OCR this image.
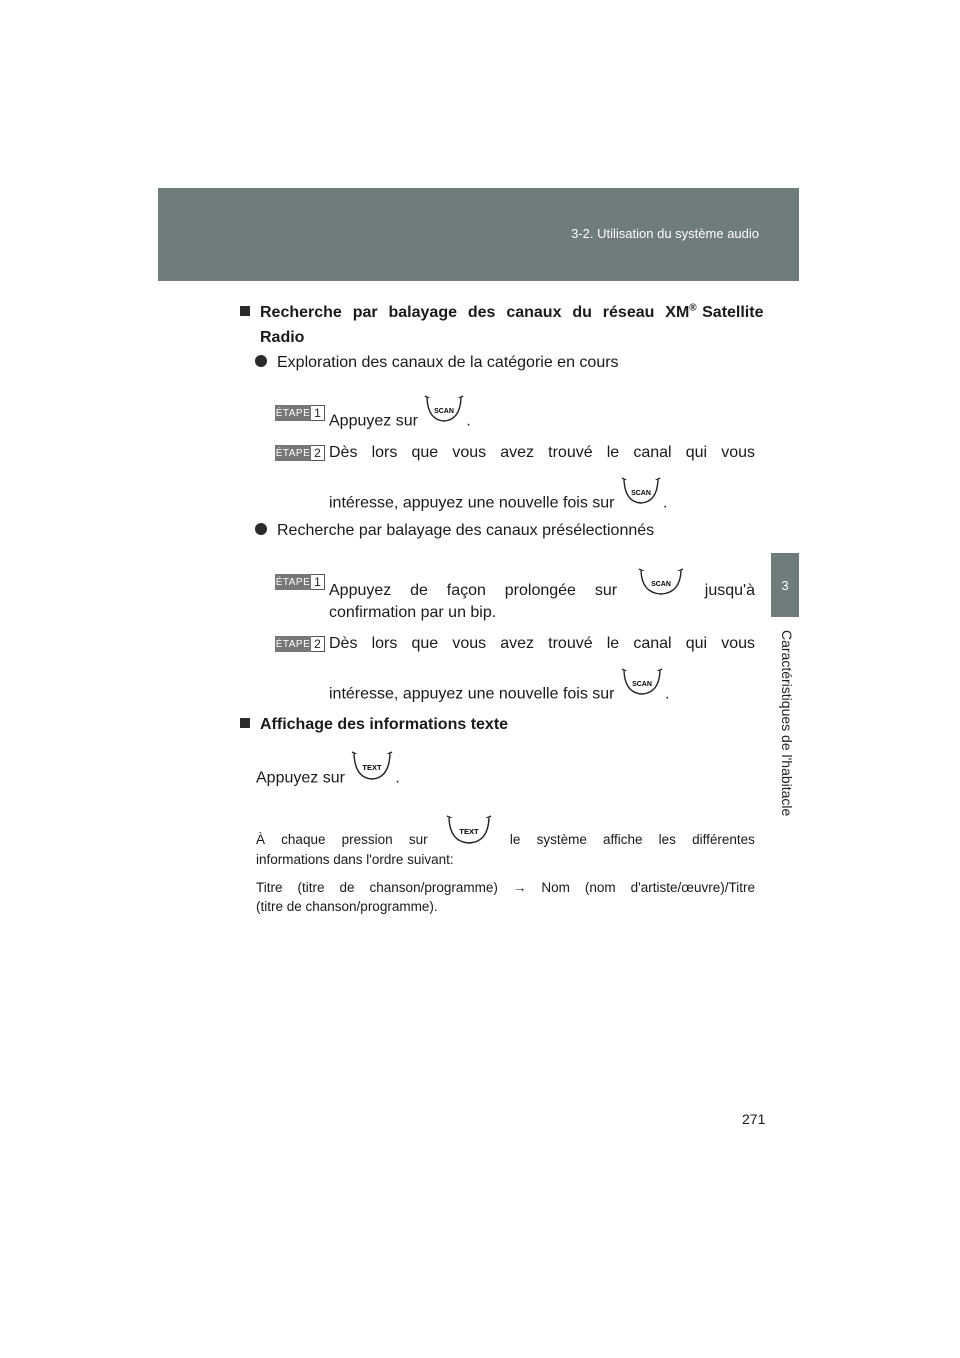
3-2. Utilisation du système audio
3
Caractéristiques de l'habitacle
Recherche  par  balayage  des  canaux  du  réseau  XM® Satellite
Radio
Exploration des canaux de la catégorie en cours
ÉTAPE 1 Appuyez sur
SCAN
.
ÉTAPE 2 Dès lors que vous avez trouvé le canal qui vous
intéresse, appuyez une nouvelle fois sur
SCAN
.
Recherche par balayage des canaux présélectionnés
ÉTAPE 1 Appuyez de façon prolongée sur	SCAN jusqu'à
confirmation par un bip.
ÉTAPE 2 Dès lors que vous avez trouvé le canal qui vous
intéresse, appuyez une nouvelle fois sur
SCAN
.
Affichage des informations texte
Appuyez sur
TEXT
.
À chaque pression sur
TEXT
le système affiche les différentes
informations dans l'ordre suivant:
Titre (titre de chanson/programme) → Nom (nom d'artiste/œuvre)/Titre
(titre de chanson/programme).
271
